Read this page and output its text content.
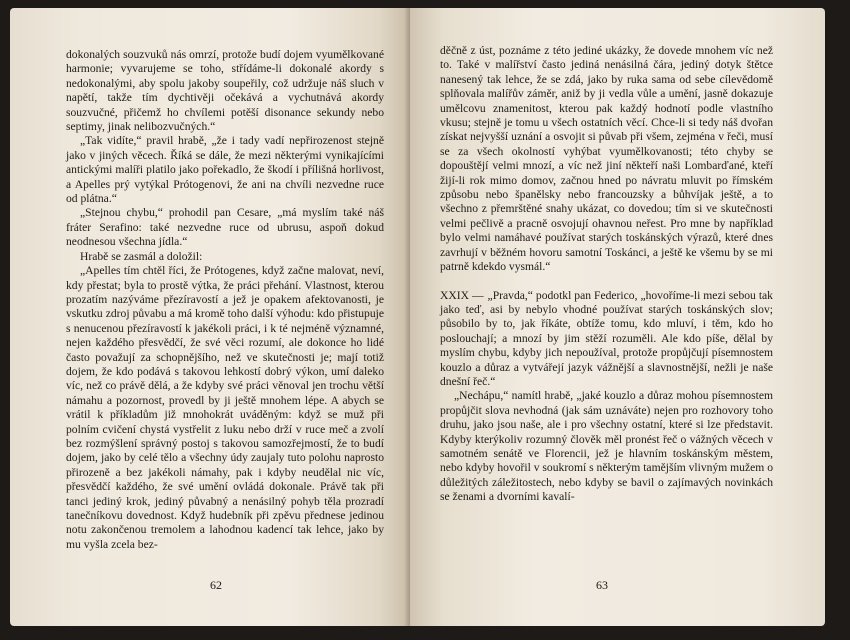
dokonalých souzvuků nás omrzí, protože budí dojem vyumělkované harmonie; vyvarujeme se toho, střídáme-li dokonalé akordy s nedokonalými, aby spolu jakoby soupeřily, což udržuje náš sluch v napětí, takže tím dychtivěji očekává a vychutnává akordy souzvučné, přičemž ho chvílemi potěší disonance sekundy nebo septimy, jinak nelibozvučných.“

„Tak vidíte,“ pravil hrabě, „že i tady vadí nepřirozenost stejně jako v jiných věcech. Říká se dále, že mezi některými vynikajícími antickými malíři platilo jako pořekadlo, že škodí i přílišná horlivost, a Apelles prý vytýkal Prótogenovi, že ani na chvíli nezvedne ruce od plátna.“

„Stejnou chybu,“ prohodil pan Cesare, „má myslím také náš fráter Serafino: také nezvedne ruce od ubrusu, aspoň dokud neodnesou všechna jídla.“

Hrabě se zasmál a doložil:

„Apelles tím chtěl říci, že Prótogenes, když začne malovat, neví, kdy přestat; byla to prostě výtka, že práci přehání. Vlastnost, kterou prozatím nazýváme přezíravostí a jež je opakem afektovanosti, je vskutku zdroj půvabu a má kromě toho další výhodu: kdo přistupuje s nenucenou přezíravostí k jakékoli práci, i k té nejméně významné, nejen každého přesvědčí, že své věci rozumí, ale dokonce ho lidé často považují za schopnějšího, než ve skutečnosti je; mají totiž dojem, že kdo podává s takovou lehkostí dobrý výkon, umí daleko víc, než co právě dělá, a že kdyby své práci věnoval jen trochu větší námahu a pozornost, provedl by ji ještě mnohem lépe. A abych se vrátil k příkladům již mnohokrát uváděným: když se muž při polním cvičení chystá vystřelit z luku nebo drží v ruce meč a zvolí bez rozmýšlení správný postoj s takovou samozřejmostí, že to budí dojem, jako by celé tělo a všechny údy zaujaly tuto polohu naprosto přirozeně a bez jakékoli námahy, pak i kdyby neudělal nic víc, přesvědčí každého, že své umění ovládá dokonale. Právě tak při tanci jediný krok, jediný půvabný a nenásilný pohyb těla prozradí tanečníkovu dovednost. Když hudebník při zpěvu přednese jedinou notu zakončenou tremolem a lahodnou kadencí tak lehce, jako by mu vyšla zcela bez-

62

děčně z úst, poznáme z této jediné ukázky, že dovede mnohem víc než to. Také v malířství často jediná nenásilná čára, jediný dotyk štětce nanesený tak lehce, že se zdá, jako by ruka sama od sebe cílevědomě splňovala malířův záměr, aniž by ji vedla vůle a umění, jasně dokazuje umělcovu znamenitost, kterou pak každý hodnotí podle vlastního vkusu; stejně je tomu u všech ostatních věcí. Chce-li si tedy náš dvořan získat nejvyšší uznání a osvojit si půvab při všem, zejména v řeči, musí se za všech okolností vyhýbat vyumělkovanosti; této chyby se dopouštějí velmi mnozí, a víc než jiní někteří naši Lombarďané, kteří žijí-li rok mimo domov, začnou hned po návratu mluvit po římském způsobu nebo španělsky nebo francouzsky a bůhvíjak ještě, a to všechno z přemrštěné snahy ukázat, co dovedou; tím si ve skutečnosti velmi pečlivě a pracně osvojují ohavnou neřest. Pro mne by například bylo velmi namáhavé používat starých toskánských výrazů, které dnes zavrhují v běžném hovoru samotní Toskánci, a ještě ke všemu by se mi patrně kdekdo vysmál.“

XXIX — „Pravda,“ podotkl pan Federico, „hovoříme-li mezi sebou tak jako teď, asi by nebylo vhodné používat starých toskánských slov; působilo by to, jak říkáte, obtíže tomu, kdo mluví, i těm, kdo ho poslouchají; a mnozí by jim stěží rozuměli. Ale kdo píše, dělal by myslím chybu, kdyby jich nepoužíval, protože propůjčují písemnostem kouzlo a důraz a vytvářejí jazyk vážnější a slavnostnější, nežli je naše dnešní řeč.“

„Nechápu,“ namítl hrabě, „jaké kouzlo a důraz mohou písemnostem propůjčit slova nevhodná (jak sám uznáváte) nejen pro rozhovory toho druhu, jako jsou naše, ale i pro všechny ostatní, které si lze představit. Kdyby kterýkoliv rozumný člověk měl pronést řeč o vážných věcech v samotném senátě ve Florencii, jež je hlavním toskánským městem, nebo kdyby hovořil v soukromí s některým tamějším vlivným mužem o důležitých záležitostech, nebo kdyby se bavil o zajímavých novinkách se ženami a dvorními kavalí-

63
